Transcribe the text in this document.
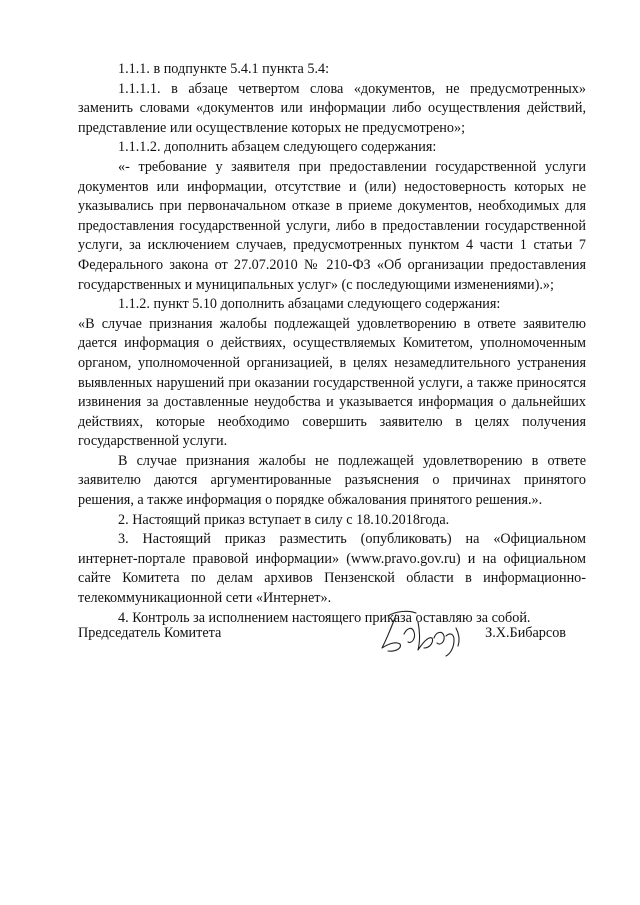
1.1.1. в подпункте 5.4.1 пункта 5.4:

1.1.1.1. в абзаце четвертом слова «документов, не предусмотренных» заменить словами «документов или информации либо осуществления действий, представление или осуществление которых не предусмотрено»;

1.1.1.2. дополнить абзацем следующего содержания:

«- требование у заявителя при предоставлении государственной услуги документов или информации, отсутствие и (или) недостоверность которых не указывались при первоначальном отказе в приеме документов, необходимых для предоставления государственной услуги, либо в предоставлении государственной услуги, за исключением случаев, предусмотренных пунктом 4 части 1 статьи 7 Федерального закона от 27.07.2010 № 210-ФЗ «Об организации предоставления государственных и муниципальных услуг» (с последующими изменениями).»;

1.1.2. пункт 5.10 дополнить абзацами следующего содержания:

«В случае признания жалобы подлежащей удовлетворению в ответе заявителю дается информация о действиях, осуществляемых Комитетом, уполномоченным органом, уполномоченной организацией, в целях незамедлительного устранения выявленных нарушений при оказании государственной услуги, а также приносятся извинения за доставленные неудобства и указывается информация о дальнейших действиях, которые необходимо совершить заявителю в целях получения государственной услуги.

В случае признания жалобы не подлежащей удовлетворению в ответе заявителю даются аргументированные разъяснения о причинах принятого решения, а также информация о порядке обжалования принятого решения.».

2. Настоящий приказ вступает в силу с 18.10.2018года.

3. Настоящий приказ разместить (опубликовать) на «Официальном интернет-портале правовой информации» (www.pravo.gov.ru) и на официальном сайте Комитета по делам архивов Пензенской области в информационно-телекоммуникационной сети «Интернет».

4. Контроль за исполнением настоящего приказа оставляю за собой.

Председатель Комитета	З.Х.Бибарсов
